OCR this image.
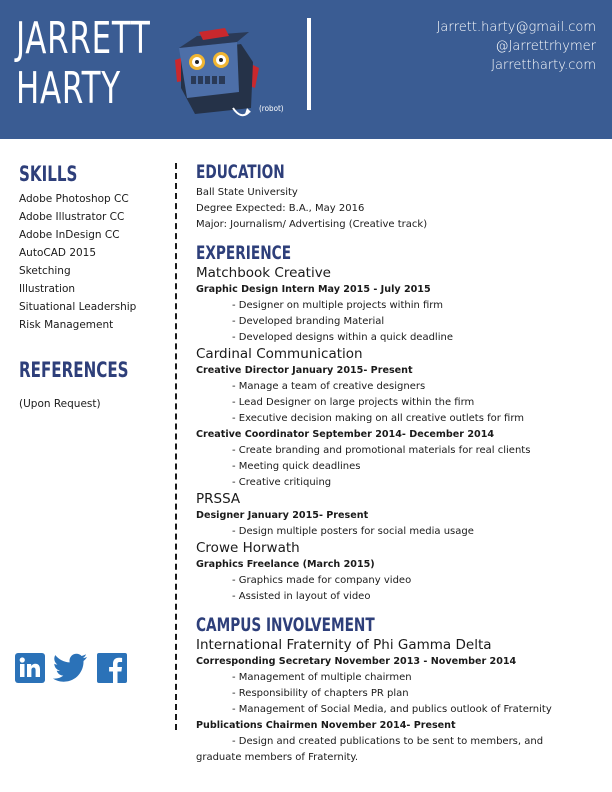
JARRETT
HARTY	(robot)
Jarrett.harty@gmail.com
@Jarrettrhymer
Jarrettharty.com
SKILLS
Adobe Photoshop CC
Adobe Illustrator CC
Adobe InDesign CC
AutoCAD 2015
Sketching
Illustration
Situational Leadership
Risk Management
REFERENCES
(Upon Request)
EDUCATION
Ball State University
Degree Expected: B.A., May 2016
Major: Journalism/ Advertising (Creative track)
EXPERIENCE
Matchbook Creative
Graphic Design Intern May 2015 - July 2015
- Designer on multiple projects within firm
- Developed branding Material
- Developed designs within a quick deadline
Cardinal Communication
Creative Director January 2015- Present
- Manage a team of creative designers
- Lead Designer on large projects within the firm
- Executive decision making on all creative outlets for firm
Creative Coordinator September 2014- December 2014
- Create branding and promotional materials for real clients
- Meeting quick deadlines
- Creative critiquing
PRSSA
Designer January 2015- Present
- Design multiple posters for social media usage
Crowe Horwath
Graphics Freelance (March 2015)
- Graphics made for company video
- Assisted in layout of video
CAMPUS INVOLVEMENT
International Fraternity of Phi Gamma Delta
Corresponding Secretary November 2013 - November 2014
- Management of multiple chairmen
- Responsibility of chapters PR plan
- Management of Social Media, and publics outlook of Fraternity
Publications Chairmen November 2014- Present
- Design and created publications to be sent to members, and
graduate members of Fraternity.
